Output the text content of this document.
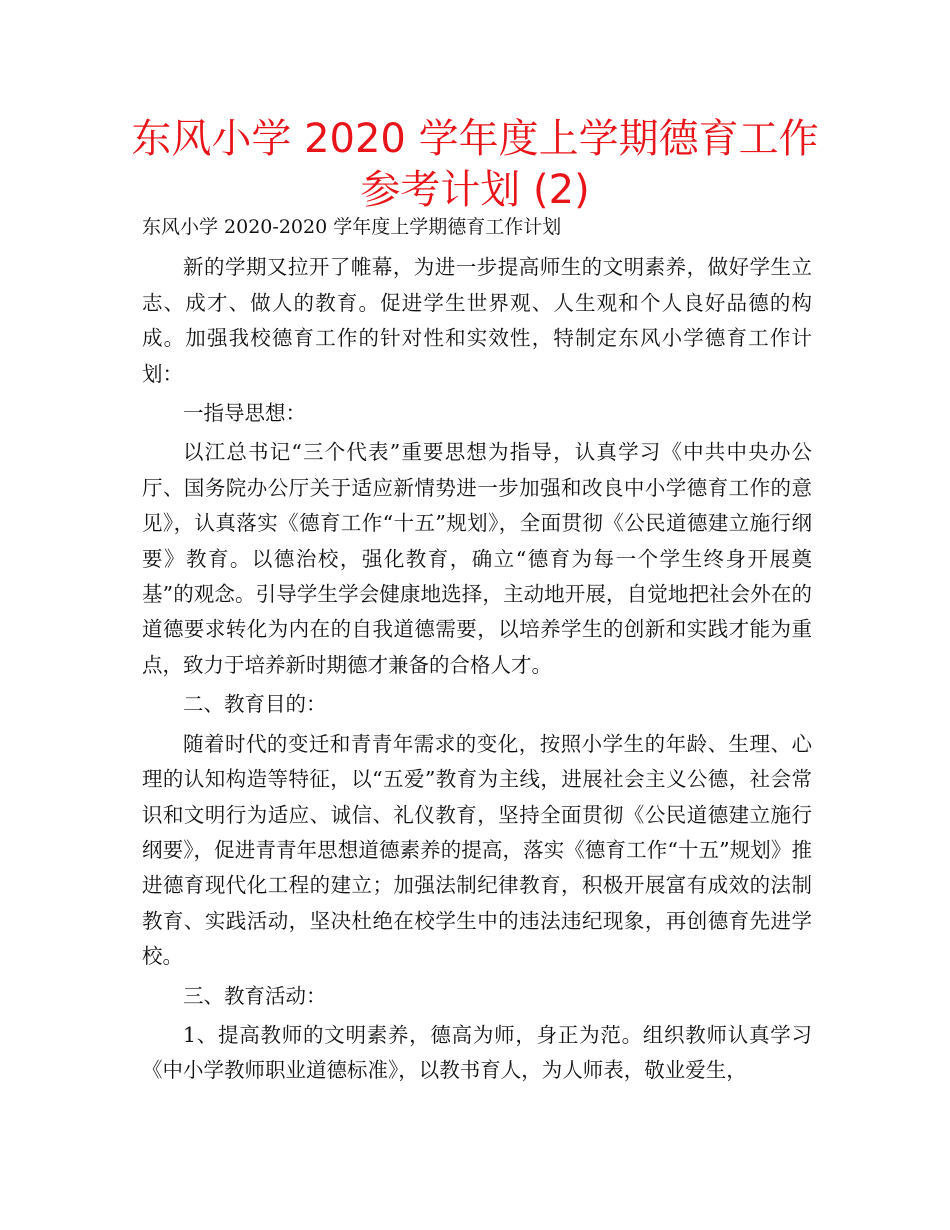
东风小学 2020 学年度上学期德育工作参考计划 (2)

东风小学 2020-2020 学年度上学期德育工作计划

新的学期又拉开了帷幕，为进一步提高师生的文明素养，做好学生立志、成才、做人的教育。促进学生世界观、人生观和个人良好品德的构成。加强我校德育工作的针对性和实效性，特制定东风小学德育工作计划：

一指导思想：

以江总书记“三个代表”重要思想为指导，认真学习《中共中央办公厅、国务院办公厅关于适应新情势进一步加强和改良中小学德育工作的意见》，认真落实《德育工作“十五”规划》，全面贯彻《公民道德建立施行纲要》教育。以德治校，强化教育，确立“德育为每一个学生终身开展奠基”的观念。引导学生学会健康地选择，主动地开展，自觉地把社会外在的道德要求转化为内在的自我道德需要，以培养学生的创新和实践才能为重点，致力于培养新时期德才兼备的合格人才。

二、教育目的：

随着时代的变迁和青青年需求的变化，按照小学生的年龄、生理、心理的认知构造等特征，以“五爱”教育为主线，进展社会主义公德，社会常识和文明行为适应、诚信、礼仪教育，坚持全面贯彻《公民道德建立施行纲要》，促进青青年思想道德素养的提高，落实《德育工作“十五”规划》推进德育现代化工程的建立；加强法制纪律教育，积极开展富有成效的法制教育、实践活动，坚决杜绝在校学生中的违法违纪现象，再创德育先进学校。

三、教育活动：

1、提高教师的文明素养，德高为师，身正为范。组织教师认真学习《中小学教师职业道德标准》，以教书育人，为人师表，敬业爱生，
